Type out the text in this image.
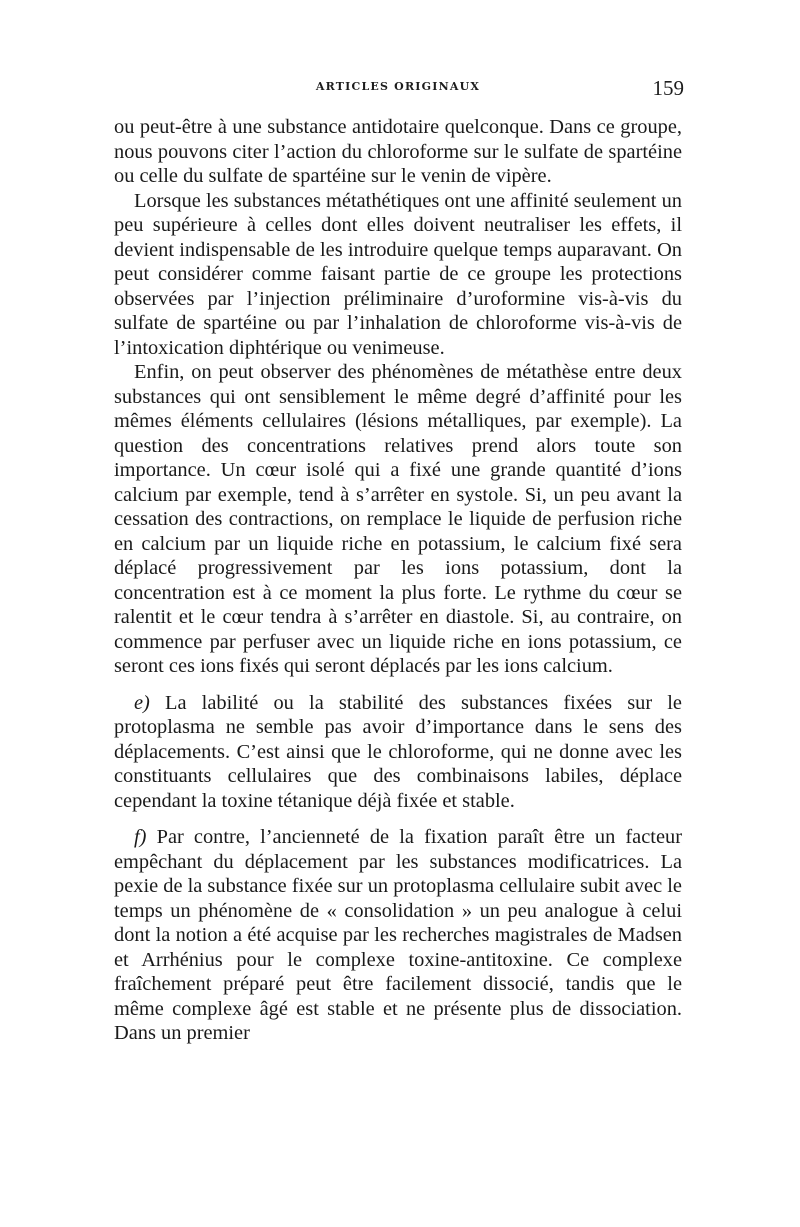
ARTICLES ORIGINAUX	159

ou peut-être à une substance antidotaire quelconque. Dans ce groupe, nous pouvons citer l’action du chloroforme sur le sulfate de spartéine ou celle du sulfate de spartéine sur le venin de vipère.

Lorsque les substances métathétiques ont une affinité seulement un peu supérieure à celles dont elles doivent neutraliser les effets, il devient indispensable de les introduire quelque temps auparavant. On peut considérer comme faisant partie de ce groupe les protections observées par l’injection préliminaire d’uroformine vis-à-vis du sulfate de spartéine ou par l’inhalation de chloroforme vis-à-vis de l’intoxication diphtérique ou venimeuse.

Enfin, on peut observer des phénomènes de métathèse entre deux substances qui ont sensiblement le même degré d’affinité pour les mêmes éléments cellulaires (lésions métalliques, par exemple). La question des concentrations relatives prend alors toute son importance. Un cœur isolé qui a fixé une grande quantité d’ions calcium par exemple, tend à s’arrêter en systole. Si, un peu avant la cessation des contractions, on remplace le liquide de perfusion riche en calcium par un liquide riche en potassium, le calcium fixé sera déplacé progressivement par les ions potassium, dont la concentration est à ce moment la plus forte. Le rythme du cœur se ralentit et le cœur tendra à s’arrêter en diastole. Si, au contraire, on commence par perfuser avec un liquide riche en ions potassium, ce seront ces ions fixés qui seront déplacés par les ions calcium.

e) La labilité ou la stabilité des substances fixées sur le protoplasma ne semble pas avoir d’importance dans le sens des déplacements. C’est ainsi que le chloroforme, qui ne donne avec les constituants cellulaires que des combinaisons labiles, déplace cependant la toxine tétanique déjà fixée et stable.

f) Par contre, l’ancienneté de la fixation paraît être un facteur empêchant du déplacement par les substances modificatrices. La pexie de la substance fixée sur un protoplasma cellulaire subit avec le temps un phénomène de « consolidation » un peu analogue à celui dont la notion a été acquise par les recherches magistrales de Madsen et Arrhénius pour le complexe toxine-antitoxine. Ce complexe fraîchement préparé peut être facilement dissocié, tandis que le même complexe âgé est stable et ne présente plus de dissociation. Dans un premier
